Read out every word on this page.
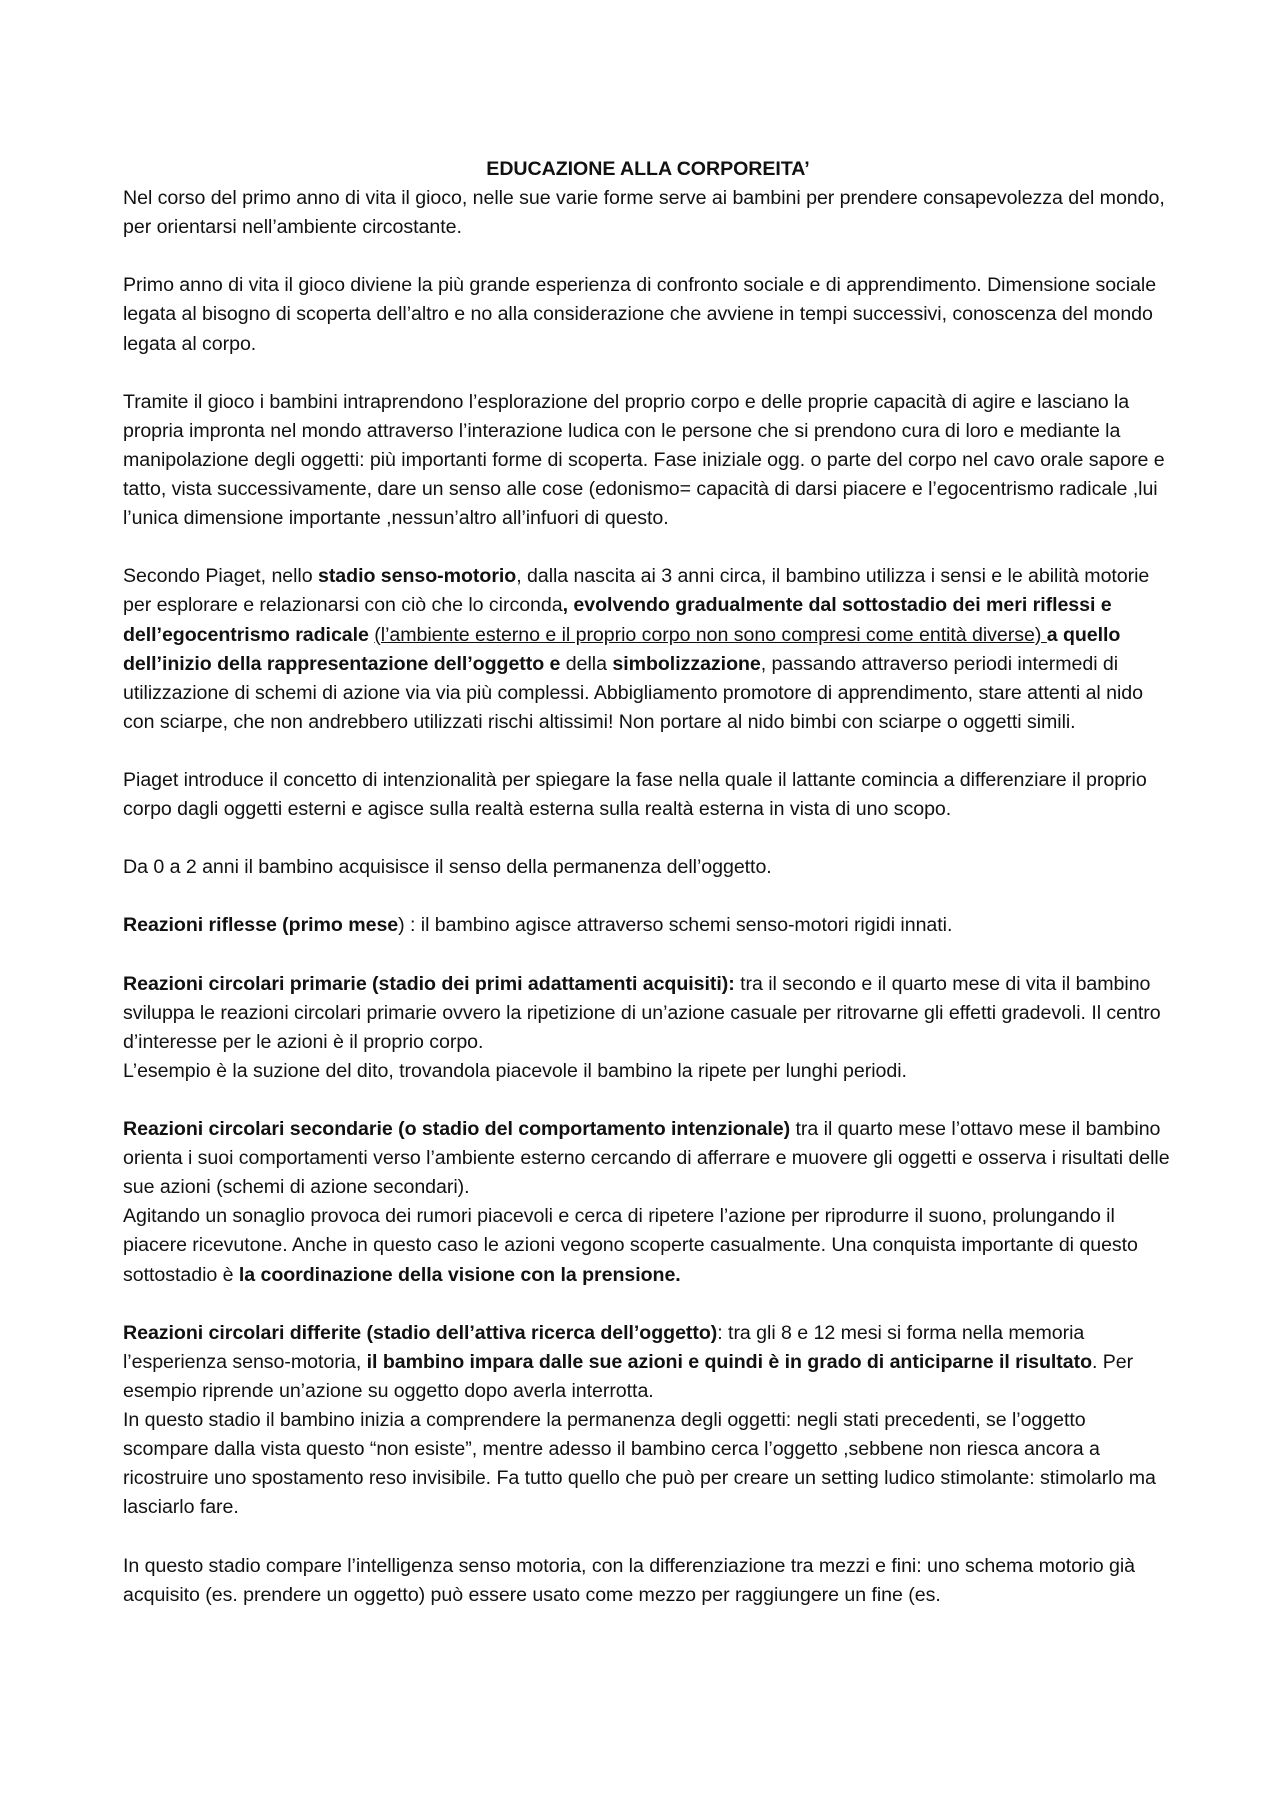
EDUCAZIONE ALLA CORPOREITA’

Nel corso del primo anno di vita il gioco, nelle sue varie forme serve ai bambini per prendere consapevolezza del mondo, per orientarsi nell’ambiente circostante.

Primo anno di vita il gioco diviene la più grande esperienza di confronto sociale e di apprendimento. Dimensione sociale legata al bisogno di scoperta dell’altro e no alla considerazione che avviene in tempi successivi, conoscenza del mondo legata al corpo.

Tramite il gioco i bambini intraprendono l’esplorazione del proprio corpo e delle proprie capacità di agire e lasciano la propria impronta nel mondo attraverso l’interazione ludica con le persone che si prendono cura di loro e mediante la manipolazione degli oggetti: più importanti forme di scoperta. Fase iniziale ogg. o parte del corpo nel cavo orale sapore e tatto, vista successivamente, dare un senso alle cose (edonismo= capacità di darsi piacere e l’egocentrismo radicale ,lui l’unica dimensione importante ,nessun’altro all’infuori di questo.

Secondo Piaget, nello stadio senso-motorio, dalla nascita ai 3 anni circa, il bambino utilizza i sensi e le abilità motorie per esplorare e relazionarsi con ciò che lo circonda, evolvendo gradualmente dal sottostadio dei meri riflessi e dell’egocentrismo radicale (l’ambiente esterno e il proprio corpo non sono compresi come entità diverse) a quello dell’inizio della rappresentazione dell’oggetto e della simbolizzazione, passando attraverso periodi intermedi di utilizzazione di schemi di azione via via più complessi. Abbigliamento promotore di apprendimento, stare attenti al nido con sciarpe, che non andrebbero utilizzati rischi altissimi! Non portare al nido bimbi con sciarpe o oggetti simili.

Piaget introduce il concetto di intenzionalità per spiegare la fase nella quale il lattante comincia a differenziare il proprio corpo dagli oggetti esterni e agisce sulla realtà esterna sulla realtà esterna in vista di uno scopo.

Da 0 a 2 anni il bambino acquisisce il senso della permanenza dell’oggetto.

Reazioni riflesse (primo mese) : il bambino agisce attraverso schemi senso-motori rigidi innati.

Reazioni circolari primarie (stadio dei primi adattamenti acquisiti): tra il secondo e il quarto mese di vita il bambino sviluppa le reazioni circolari primarie ovvero la ripetizione di un’azione casuale per ritrovarne gli effetti gradevoli. Il centro d’interesse per le azioni è il proprio corpo.

L’esempio è la suzione del dito, trovandola piacevole il bambino la ripete per lunghi periodi.

Reazioni circolari secondarie (o stadio del comportamento intenzionale) tra il quarto mese l’ottavo mese il bambino orienta i suoi comportamenti verso l’ambiente esterno cercando di afferrare e muovere gli oggetti e osserva i risultati delle sue azioni (schemi di azione secondari).

Agitando un sonaglio provoca dei rumori piacevoli e cerca di ripetere l’azione per riprodurre il suono, prolungando il piacere ricevutone. Anche in questo caso le azioni vegono scoperte casualmente. Una conquista importante di questo sottostadio è la coordinazione della visione con la prensione.

Reazioni circolari differite (stadio dell’attiva ricerca dell’oggetto): tra gli 8 e 12 mesi si forma nella memoria l’esperienza senso-motoria, il bambino impara dalle sue azioni e quindi è in grado di anticiparne il risultato. Per esempio riprende un’azione su oggetto dopo averla interrotta.

In questo stadio il bambino inizia a comprendere la permanenza degli oggetti: negli stati precedenti, se l’oggetto scompare dalla vista questo “non esiste”, mentre adesso il bambino cerca l’oggetto ,sebbene non riesca ancora a ricostruire uno spostamento reso invisibile. Fa tutto quello che può per creare un setting ludico stimolante: stimolarlo ma lasciarlo fare.

In questo stadio compare l’intelligenza senso motoria, con la differenziazione tra mezzi e fini: uno schema motorio già acquisito (es. prendere un oggetto) può essere usato come mezzo per raggiungere un fine (es.
